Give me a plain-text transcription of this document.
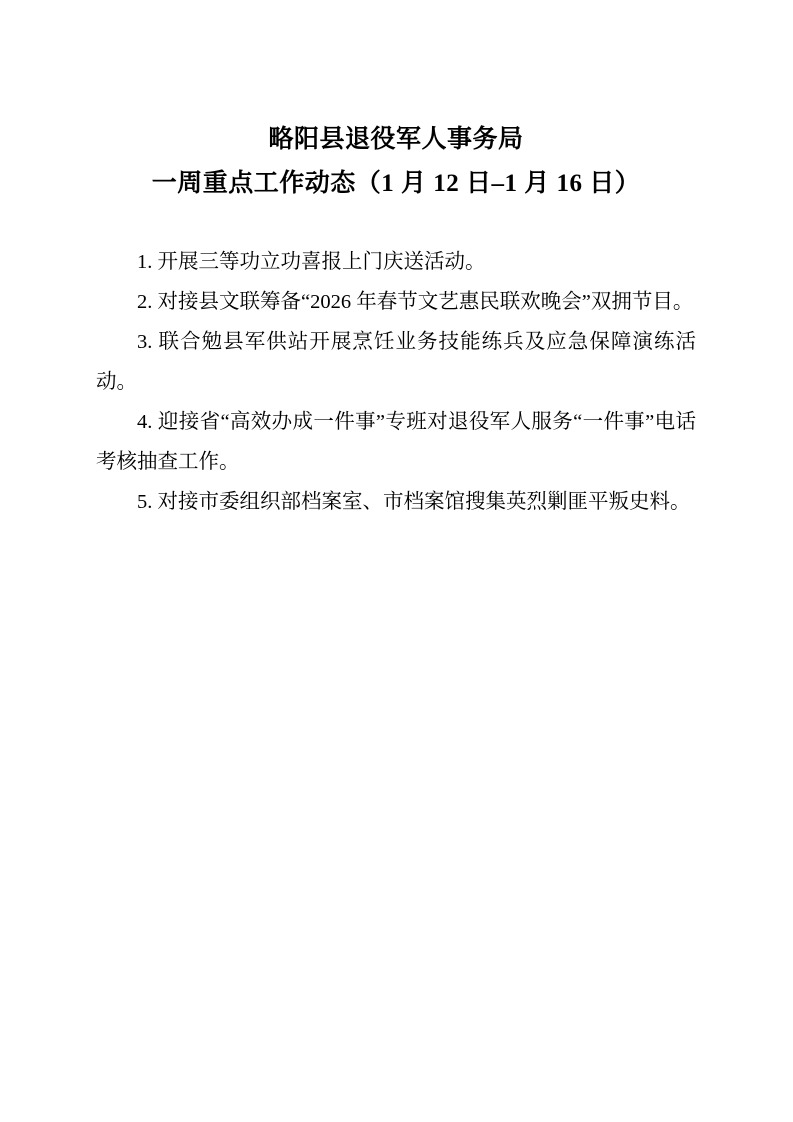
略阳县退役军人事务局
一周重点工作动态（1 月 12 日–1 月 16 日）

1. 开展三等功立功喜报上门庆送活动。

2. 对接县文联筹备“2026 年春节文艺惠民联欢晚会”双拥节目。

3. 联合勉县军供站开展烹饪业务技能练兵及应急保障演练活动。

4. 迎接省“高效办成一件事”专班对退役军人服务“一件事”电话考核抽查工作。

5. 对接市委组织部档案室、市档案馆搜集英烈剿匪平叛史料。
